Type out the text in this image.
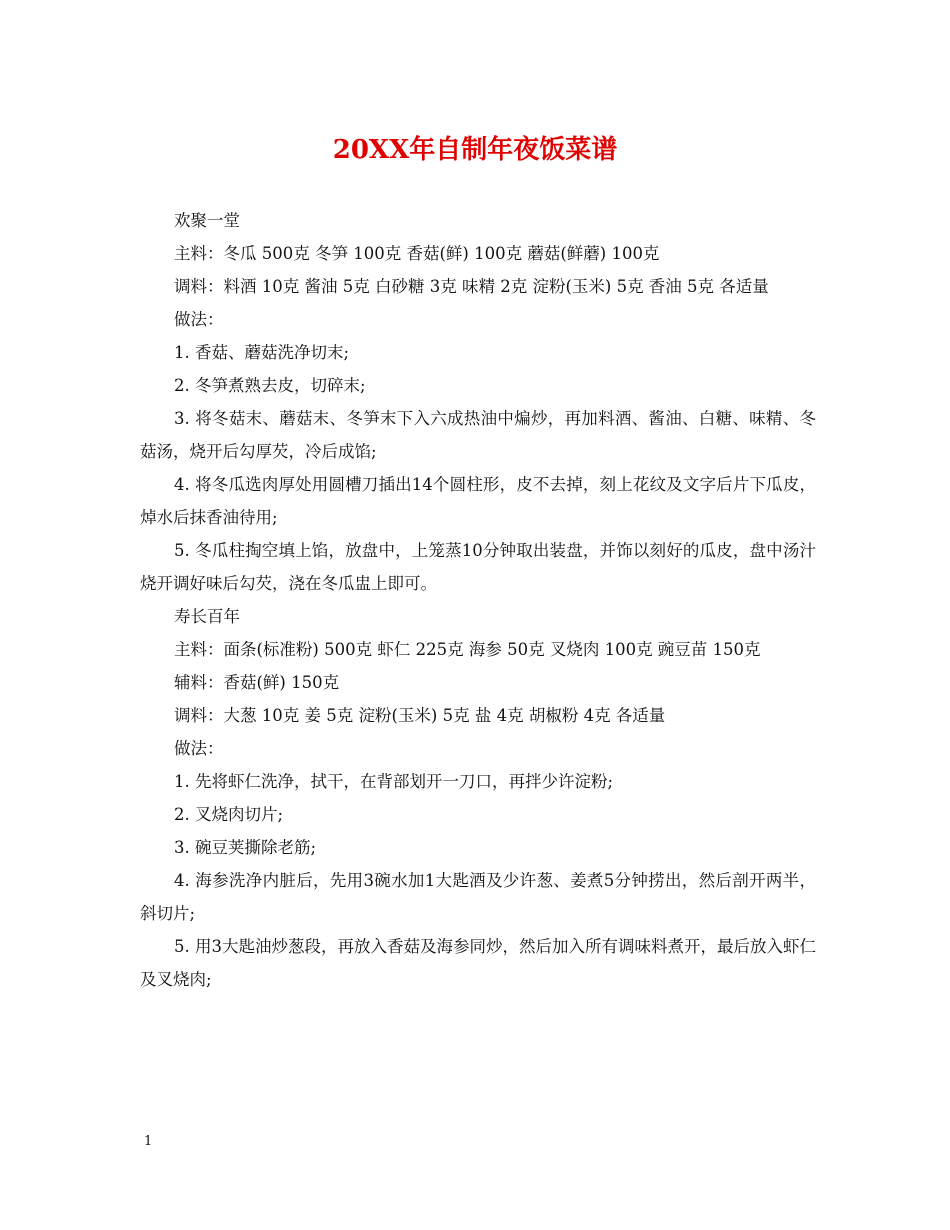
20XX年自制年夜饭菜谱

欢聚一堂

主料：冬瓜 500克 冬笋 100克 香菇(鲜) 100克 蘑菇(鲜蘑) 100克

调料：料酒 10克 酱油 5克 白砂糖 3克 味精 2克 淀粉(玉米) 5克 香油 5克 各适量

做法：

1. 香菇、蘑菇洗净切末;

2. 冬笋煮熟去皮，切碎末;

3. 将冬菇末、蘑菇末、冬笋末下入六成热油中煸炒，再加料酒、酱油、白糖、味精、冬菇汤，烧开后勾厚芡，冷后成馅;

4. 将冬瓜选肉厚处用圆槽刀插出14个圆柱形，皮不去掉，刻上花纹及文字后片下瓜皮，焯水后抹香油待用;

5. 冬瓜柱掏空填上馅，放盘中，上笼蒸10分钟取出装盘，并饰以刻好的瓜皮，盘中汤汁烧开调好味后勾芡，浇在冬瓜盅上即可。

寿长百年

主料：面条(标准粉) 500克 虾仁 225克 海参 50克 叉烧肉 100克 豌豆苗 150克

辅料：香菇(鲜) 150克

调料：大葱 10克 姜 5克 淀粉(玉米) 5克 盐 4克 胡椒粉 4克 各适量

做法：

1. 先将虾仁洗净，拭干，在背部划开一刀口，再拌少许淀粉;

2. 叉烧肉切片;

3. 碗豆荚撕除老筋;

4. 海参洗净内脏后，先用3碗水加1大匙酒及少许葱、姜煮5分钟捞出，然后剖开两半，斜切片;

5. 用3大匙油炒葱段，再放入香菇及海参同炒，然后加入所有调味料煮开，最后放入虾仁及叉烧肉;

1
